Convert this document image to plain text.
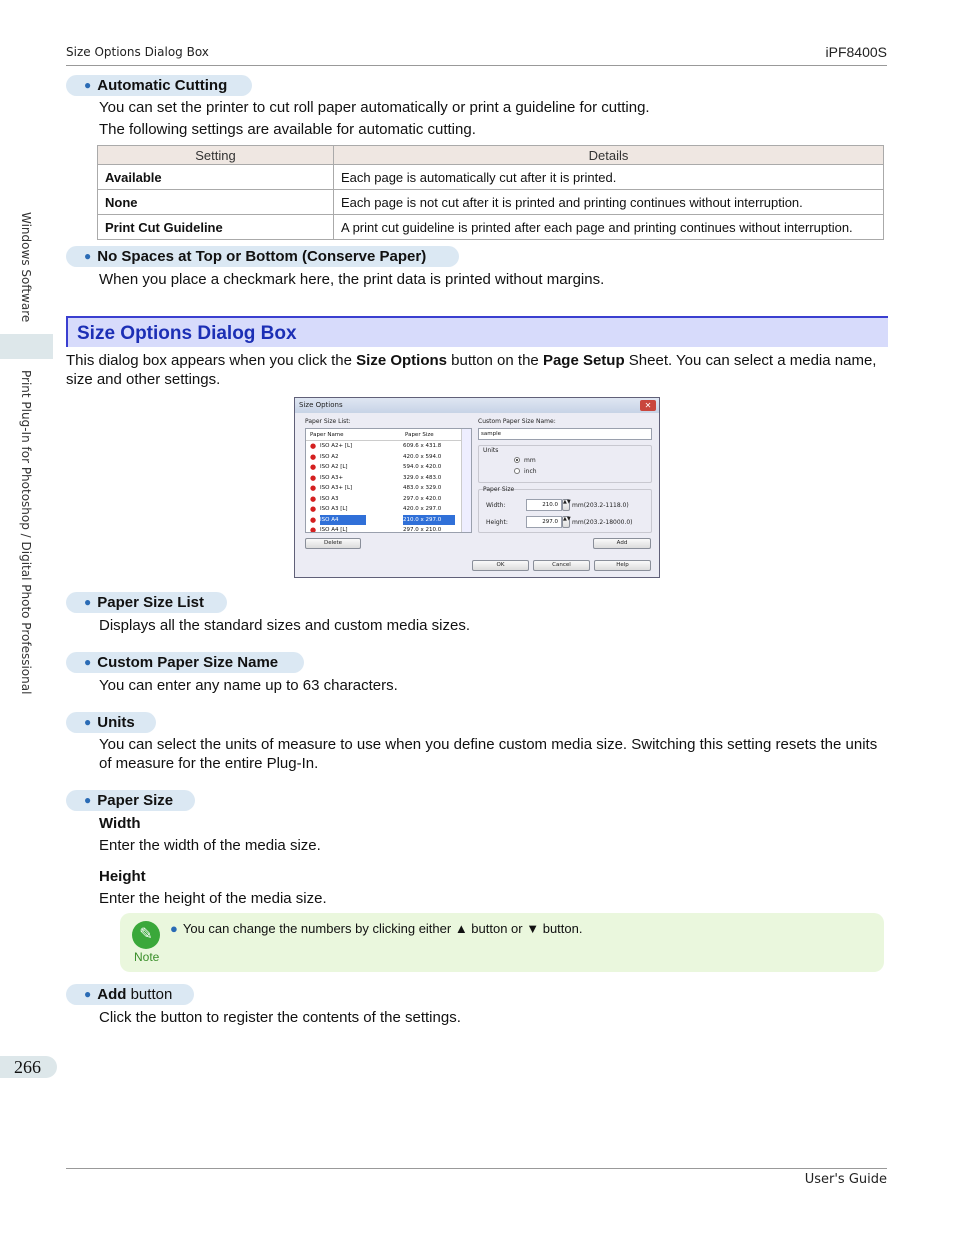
Size Options Dialog Box	iPF8400S
Windows Software
Print Plug-In for Photoshop / Digital Photo Professional
● Automatic Cutting
You can set the printer to cut roll paper automatically or print a guideline for cutting.
The following settings are available for automatic cutting.
Setting	Details
Available	Each page is automatically cut after it is printed.
None	Each page is not cut after it is printed and printing continues without interruption.
Print Cut Guideline	A print cut guideline is printed after each page and printing continues without interruption.
● No Spaces at Top or Bottom (Conserve Paper)
When you place a checkmark here, the print data is printed without margins.
Size Options Dialog Box
This dialog box appears when you click the Size Options button on the Page Setup Sheet. You can select a media name, size and other settings.
Size Options	✕
Paper Size List:
Paper Name	Paper Size
● ISO A2+ [L]	609.6 x 431.8
● ISO A2	420.0 x 594.0
● ISO A2 [L]	594.0 x 420.0
● ISO A3+	329.0 x 483.0
● ISO A3+ [L]	483.0 x 329.0
● ISO A3	297.0 x 420.0
● ISO A3 [L]	420.0 x 297.0
● ISO A4	210.0 x 297.0
● ISO A4 [L]	297.0 x 210.0
Delete
Custom Paper Size Name:
sample
Units
mm
inch
Paper Size
Width:	210.0	▲▼ mm(203.2-1118.0)
Height:	297.0	▲▼ mm(203.2-18000.0)
Add
OK	Cancel	Help
● Paper Size List
Displays all the standard sizes and custom media sizes.
● Custom Paper Size Name
You can enter any name up to 63 characters.
● Units
You can select the units of measure to use when you define custom media size. Switching this setting resets the units of measure for the entire Plug-In.
● Paper Size
Width
Enter the width of the media size.
Height
Enter the height of the media size.
✎
Note
● You can change the numbers by clicking either ▲ button or ▼ button.
● Add button
Click the button to register the contents of the settings.
266
User's Guide
